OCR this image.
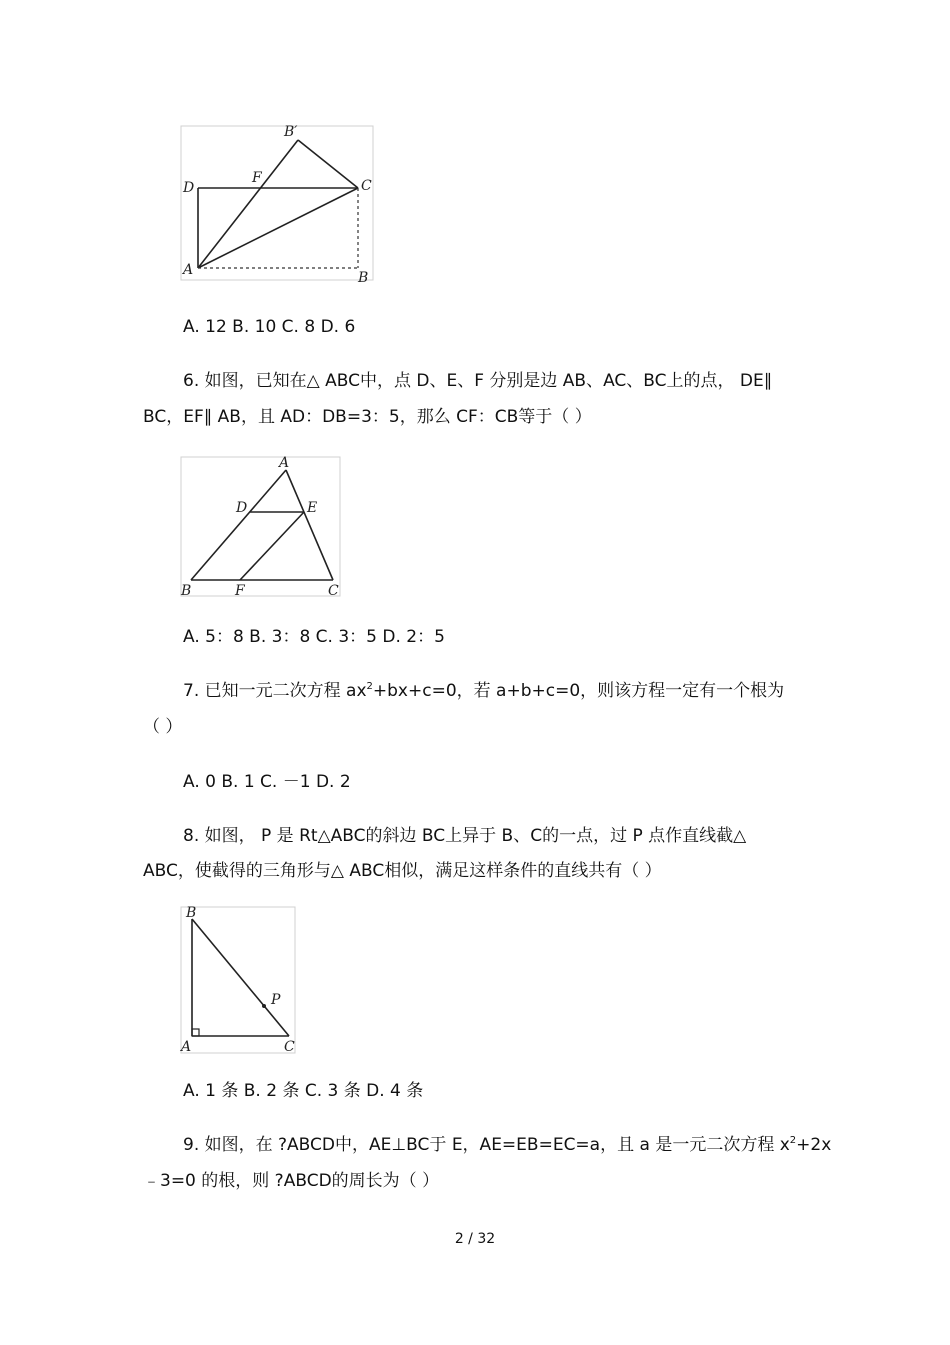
B′
D
F	C
A	B
A. 12 B. 10 C. 8 D. 6
6. 如图，已知在△ ABC中，点 D、E、F 分别是边 AB、AC、BC上的点， DE∥
BC，EF∥ AB，且 AD：DB=3：5，那么 CF：CB等于（ ）
A
D	E
B	F	C
A. 5：8 B. 3：8 C. 3：5 D. 2：5
7. 已知一元二次方程 $ax^2+bx+c=0$，若 a+b+c=0，则该方程一定有一个根为
（ ）
A. 0 B. 1 C. －1 D. 2
8. 如图， P 是 Rt△ABC的斜边 BC上异于 B、C的一点，过 P 点作直线截△
ABC，使截得的三角形与△ ABC相似，满足这样条件的直线共有（ ）
B
P
A	C
A. 1 条 B. 2 条 C. 3 条 D. 4 条
9. 如图，在 ?ABCD中，AE⊥BC于 E，AE=EB=EC=a，且 a 是一元二次方程 $x^2+2x$
﹣3=0 的根，则 ?ABCD的周长为（ ）
2 / 32
